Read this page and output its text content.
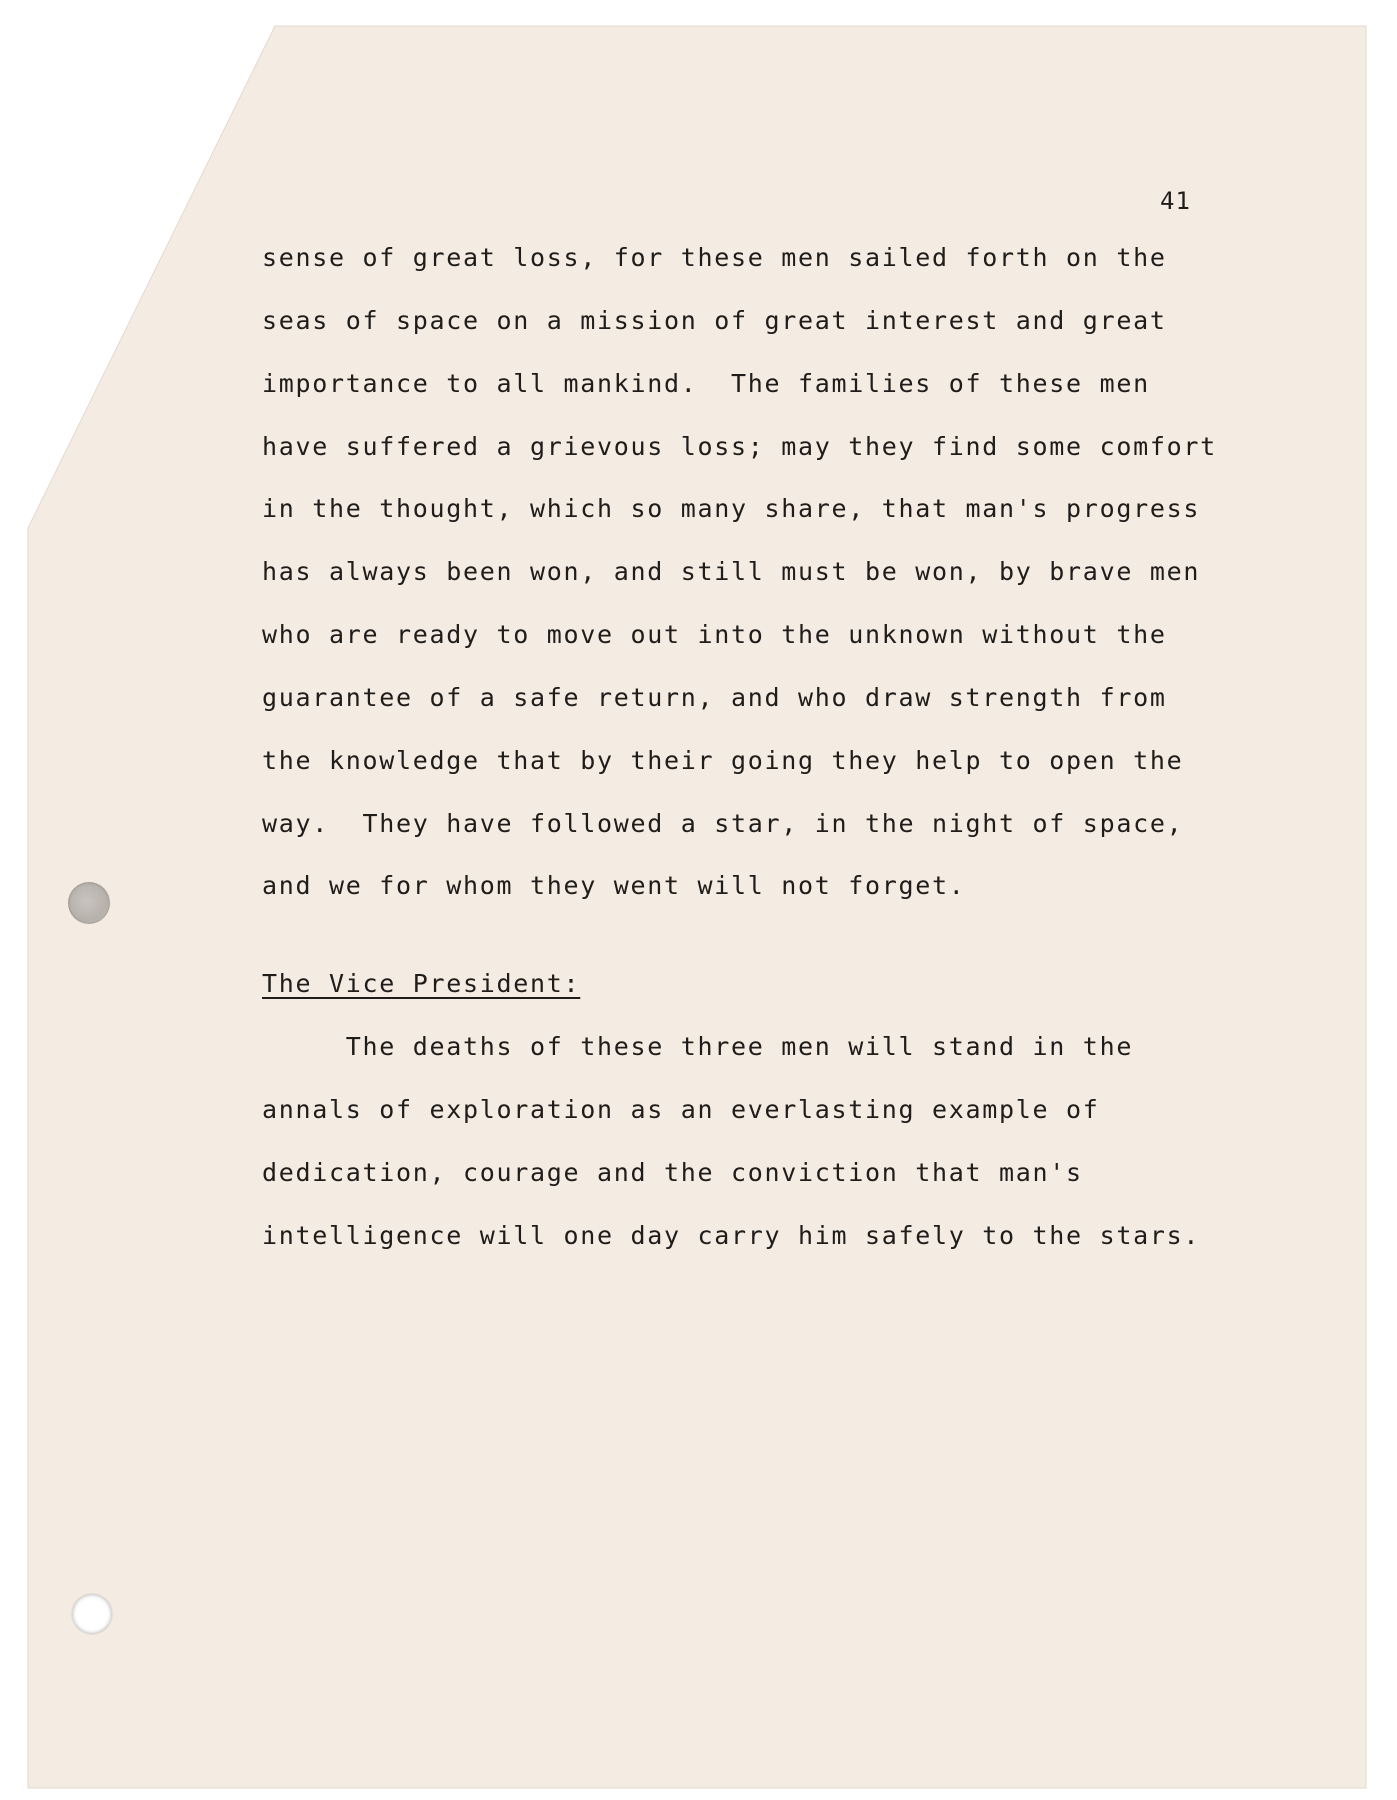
41

sense of great loss, for these men sailed forth on the

seas of space on a mission of great interest and great

importance to all mankind.  The families of these men

have suffered a grievous loss; may they find some comfort

in the thought, which so many share, that man's progress

has always been won, and still must be won, by brave men

who are ready to move out into the unknown without the

guarantee of a safe return, and who draw strength from

the knowledge that by their going they help to open the

way.  They have followed a star, in the night of space,

and we for whom they went will not forget.

The Vice President:

The deaths of these three men will stand in the

annals of exploration as an everlasting example of

dedication, courage and the conviction that man's

intelligence will one day carry him safely to the stars.
